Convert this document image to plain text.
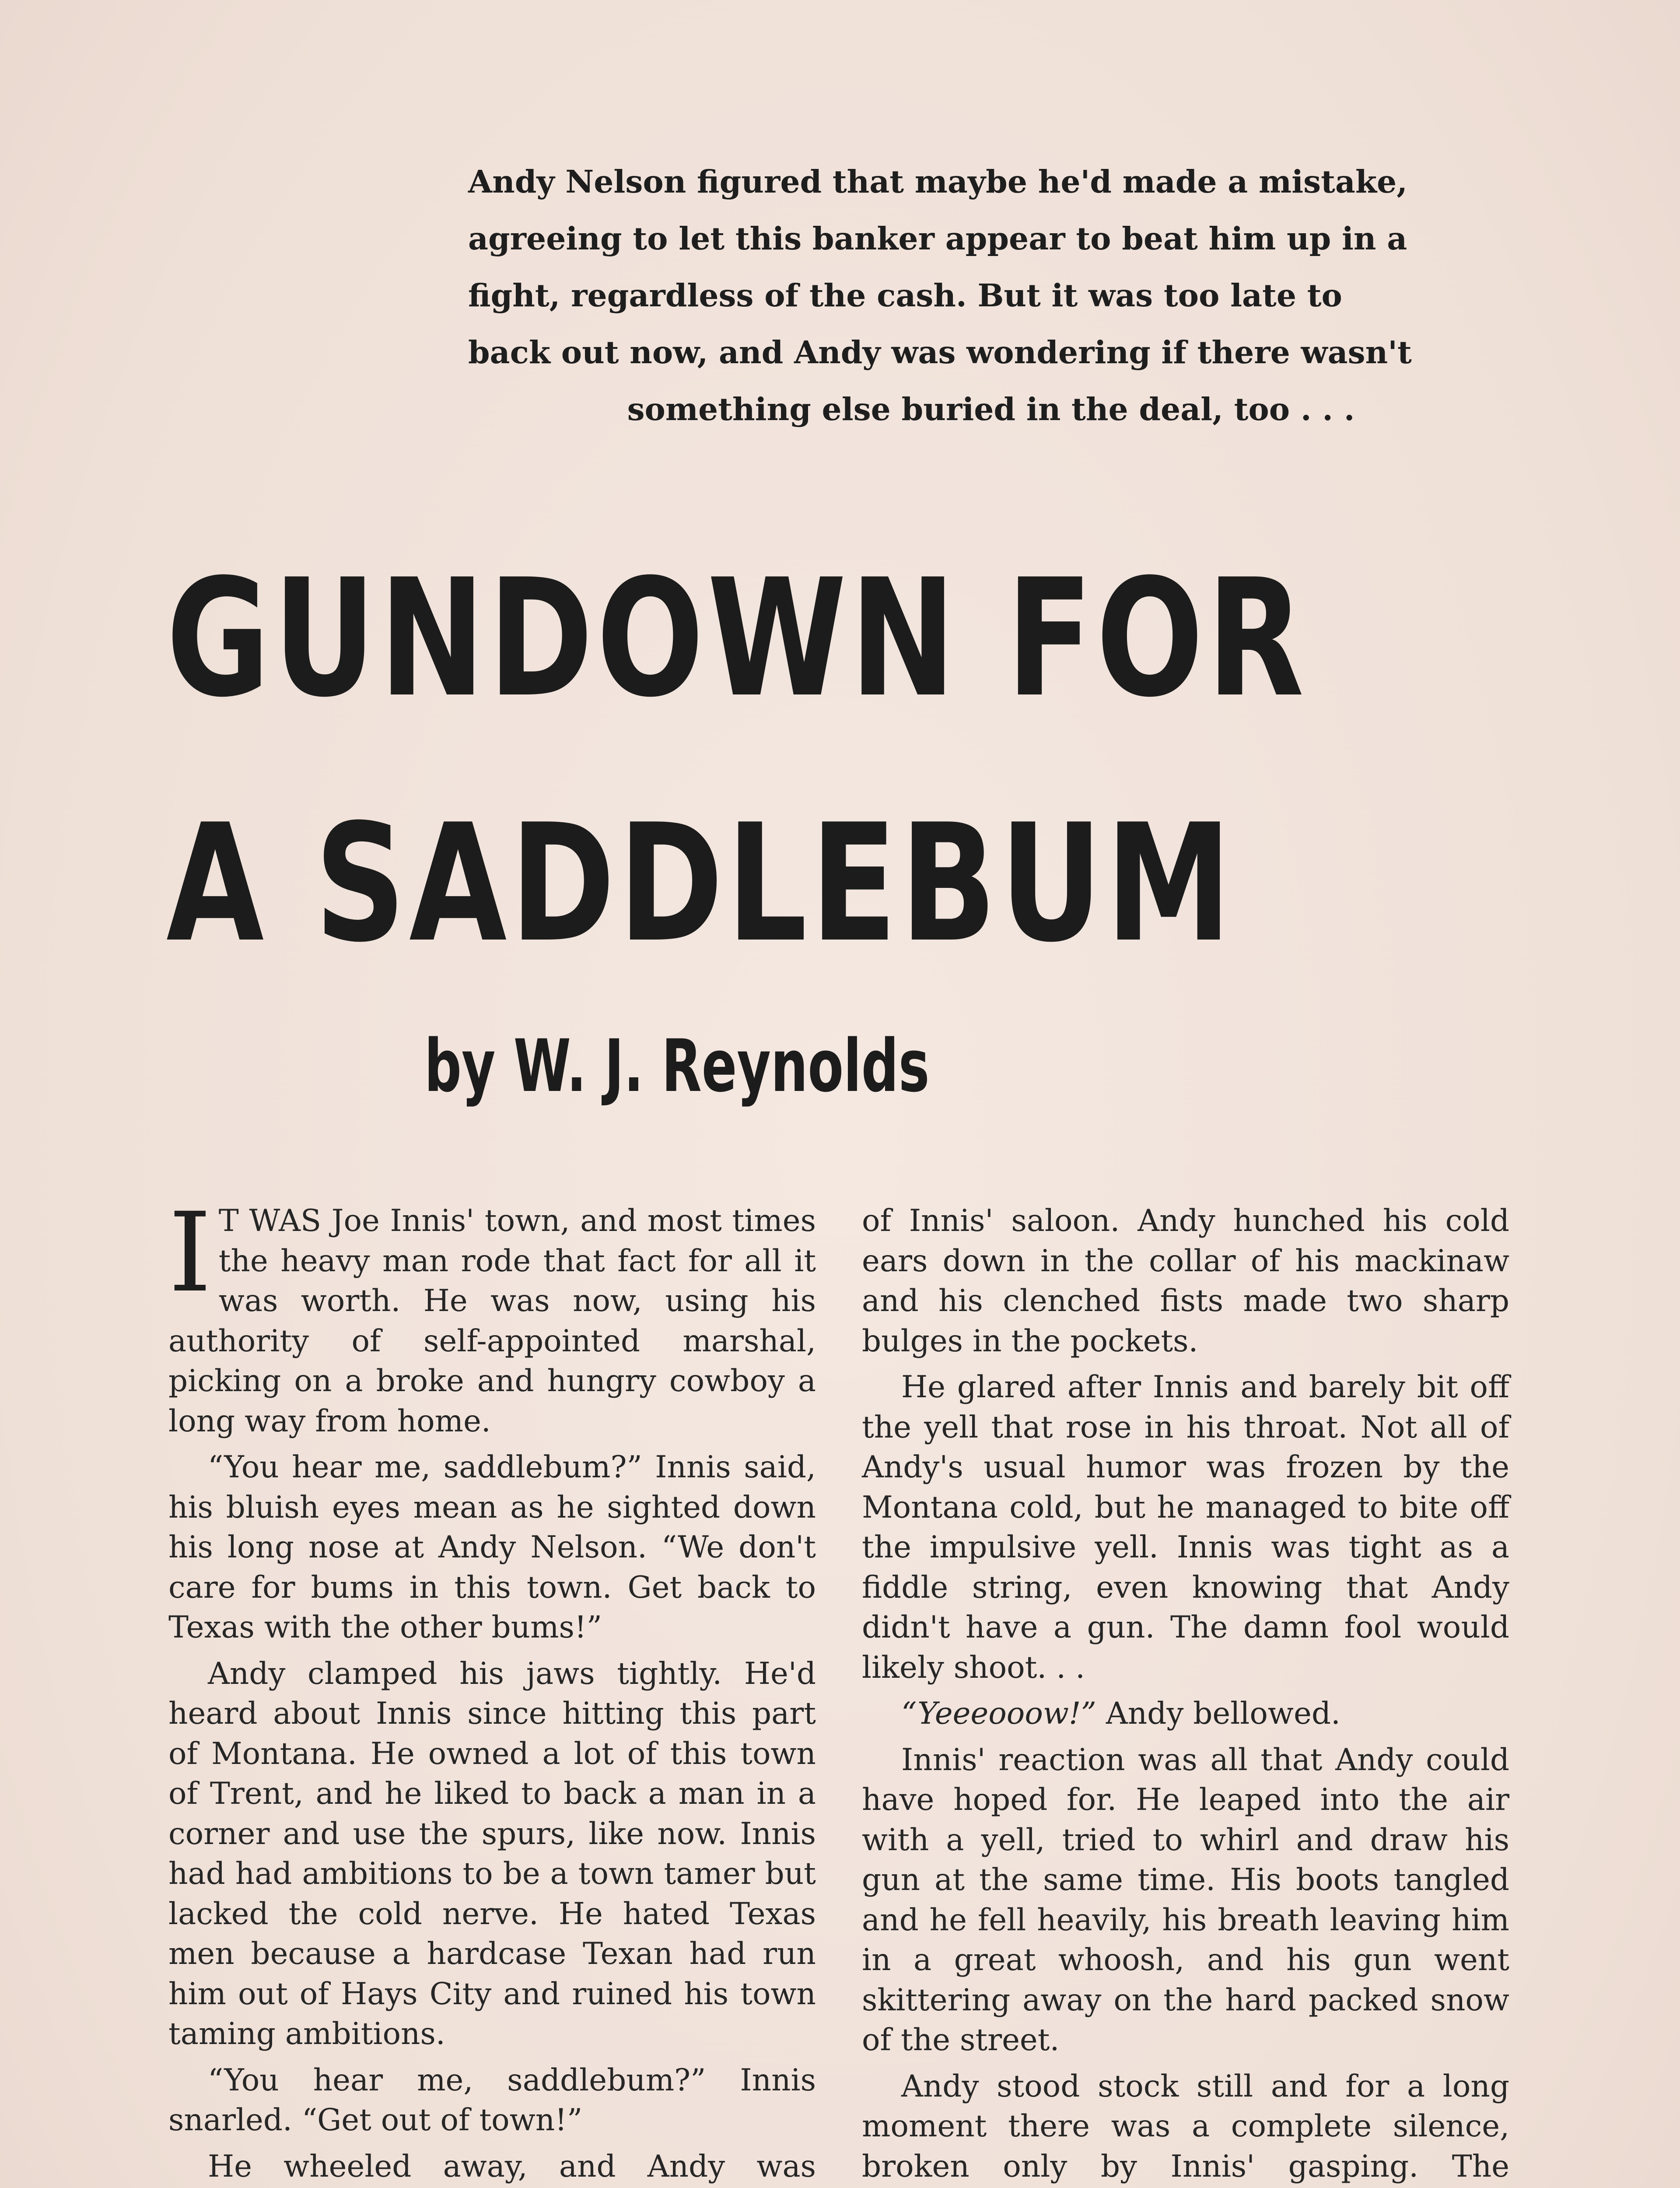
Andy Nelson figured that maybe he'd made a mistake,

agreeing to let this banker appear to beat him up in a

fight, regardless of the cash. But it was too late to

back out now, and Andy was wondering if there wasn't

something else buried in the deal, too . . .

GUNDOWN FOR
A SADDLEBUM
by W. J. Reynolds

I T WAS Joe Innis' town, and most times the heavy man rode that fact for all it was worth. He was now, using his authority of self-appointed marshal, picking on a broke and hungry cowboy a long way from home.

“You hear me, saddlebum?” Innis said, his bluish eyes mean as he sighted down his long nose at Andy Nelson. “We don't care for bums in this town. Get back to Texas with the other bums!”

Andy clamped his jaws tightly. He'd heard about Innis since hitting this part of Montana. He owned a lot of this town of Trent, and he liked to back a man in a corner and use the spurs, like now. Innis had had ambitions to be a town tamer but lacked the cold nerve. He hated Texas men because a hardcase Texan had run him out of Hays City and ruined his town taming ambitions.

“You hear me, saddlebum?” Innis snarled. “Get out of town!”

He wheeled away, and Andy was

of Innis' saloon. Andy hunched his cold ears down in the collar of his mackinaw and his clenched fists made two sharp bulges in the pockets.

He glared after Innis and barely bit off the yell that rose in his throat. Not all of Andy's usual humor was frozen by the Montana cold, but he managed to bite off the impulsive yell. Innis was tight as a fiddle string, even knowing that Andy didn't have a gun. The damn fool would likely shoot. . .

“Yeeeooow!” Andy bellowed.

Innis' reaction was all that Andy could have hoped for. He leaped into the air with a yell, tried to whirl and draw his gun at the same time. His boots tangled and he fell heavily, his breath leaving him in a great whoosh, and his gun went skittering away on the hard packed snow of the street.

Andy stood stock still and for a long moment there was a complete silence, broken only by Innis' gasping. The
